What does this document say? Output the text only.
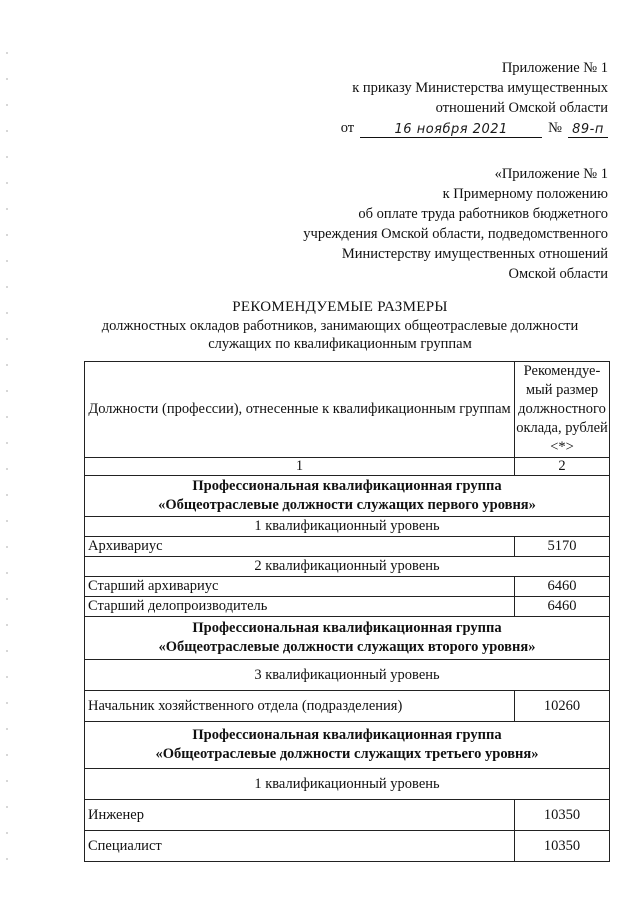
Приложение № 1
к приказу Министерства имущественных
отношений Омской области
от	16 ноября 2021	№ 89-п
«Приложение № 1
к Примерному положению
об оплате труда работников бюджетного
учреждения Омской области, подведомственного
Министерству имущественных отношений
Омской области
РЕКОМЕНДУЕМЫЕ РАЗМЕРЫ
должностных окладов работников, занимающих общеотраслевые должности
служащих по квалификационным группам
Должности (профессии), отнесенные к квалификационным группам	Рекомендуе-мый размер должностного оклада, рублей <*>
1	2

Профессиональная квалификационная группа
«Общеотраслевые должности служащих первого уровня»	

1 квалификационный уровень	
Архивариус	5170
2 квалификационный уровень	
Старший архивариус	6460
Старший делопроизводитель	6460

Профессиональная квалификационная группа
«Общеотраслевые должности служащих второго уровня»	

3 квалификационный уровень	
Начальник хозяйственного отдела (подразделения)	10260

Профессиональная квалификационная группа
«Общеотраслевые должности служащих третьего уровня»	

1 квалификационный уровень	
Инженер	10350
Специалист	10350
